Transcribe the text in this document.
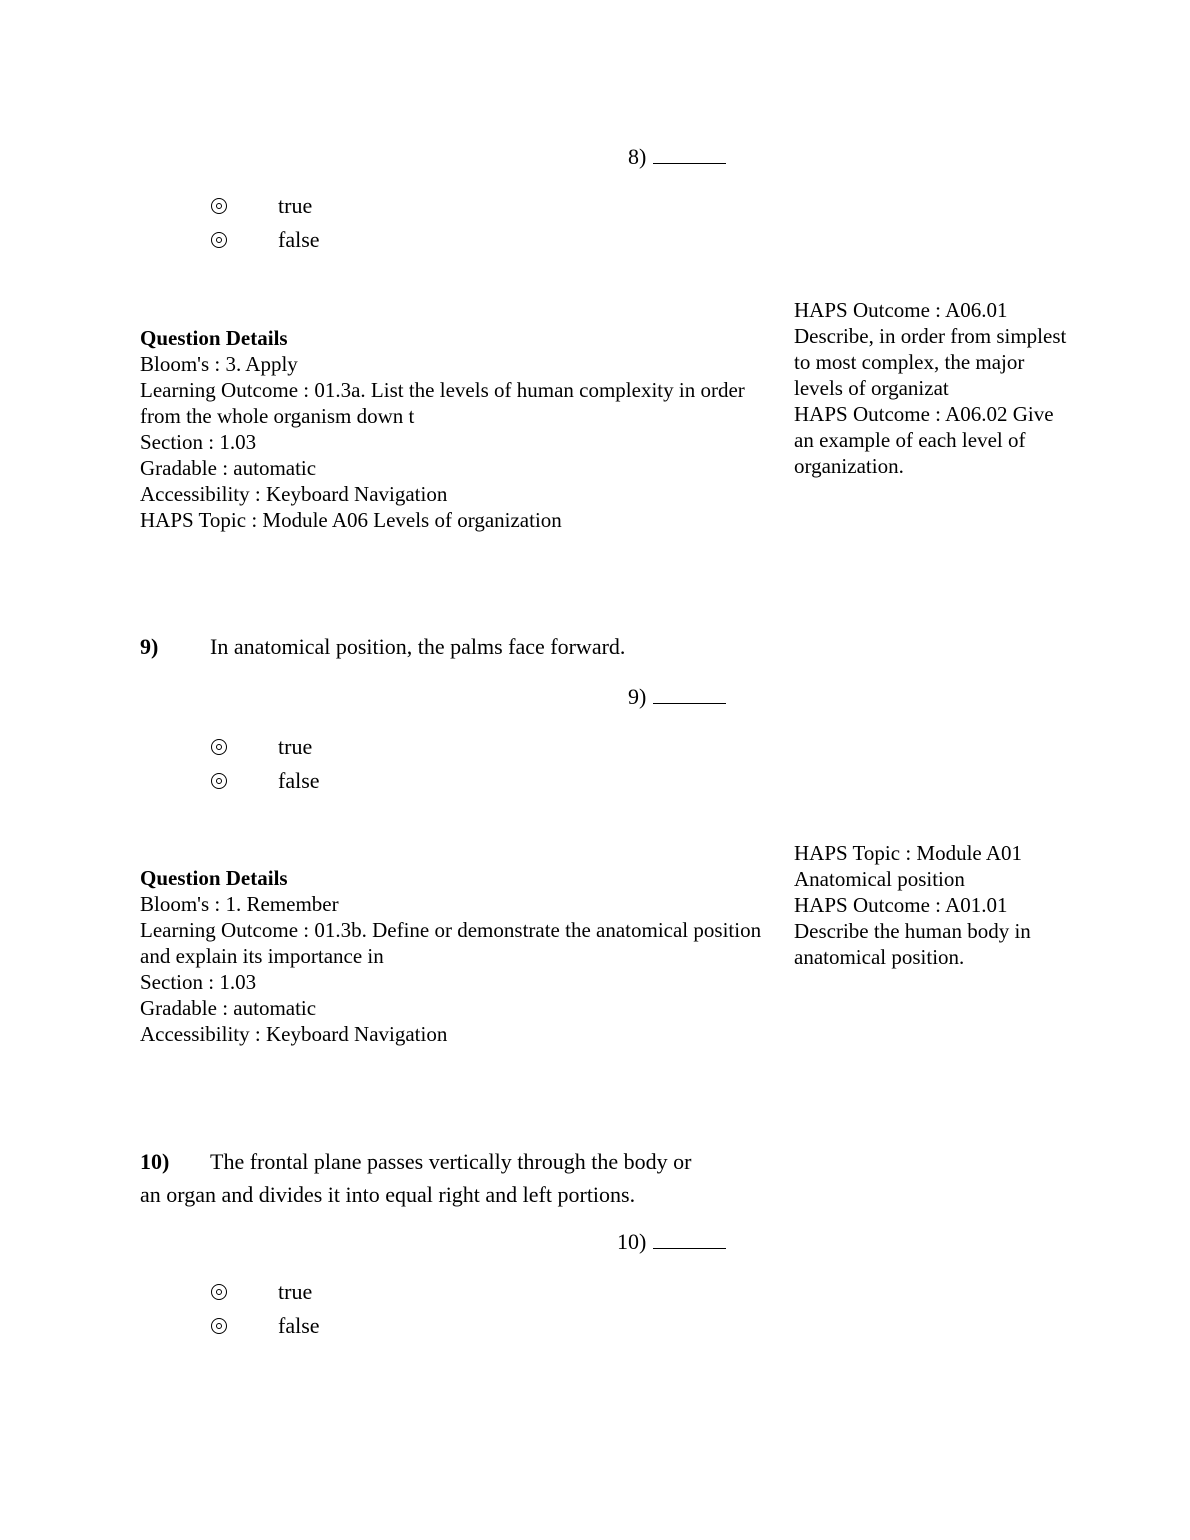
8)
true
false
HAPS Outcome : A06.01
Describe, in order from simplest
to most complex, the major
levels of organizat
HAPS Outcome : A06.02 Give
an example of each level of
organization.
Question Details
Bloom's : 3. Apply
Learning Outcome : 01.3a. List the levels of human complexity in order
from the whole organism down t
Section : 1.03
Gradable : automatic
Accessibility : Keyboard Navigation
HAPS Topic : Module A06 Levels of organization
9)	In anatomical position, the palms face forward.
9)
true
false
HAPS Topic : Module A01
Anatomical position
HAPS Outcome : A01.01
Describe the human body in
anatomical position.
Question Details
Bloom's : 1. Remember
Learning Outcome : 01.3b. Define or demonstrate the anatomical position
and explain its importance in
Section : 1.03
Gradable : automatic
Accessibility : Keyboard Navigation
10)	The frontal plane passes vertically through the body or
an organ and divides it into equal right and left portions.
10)
true
false
